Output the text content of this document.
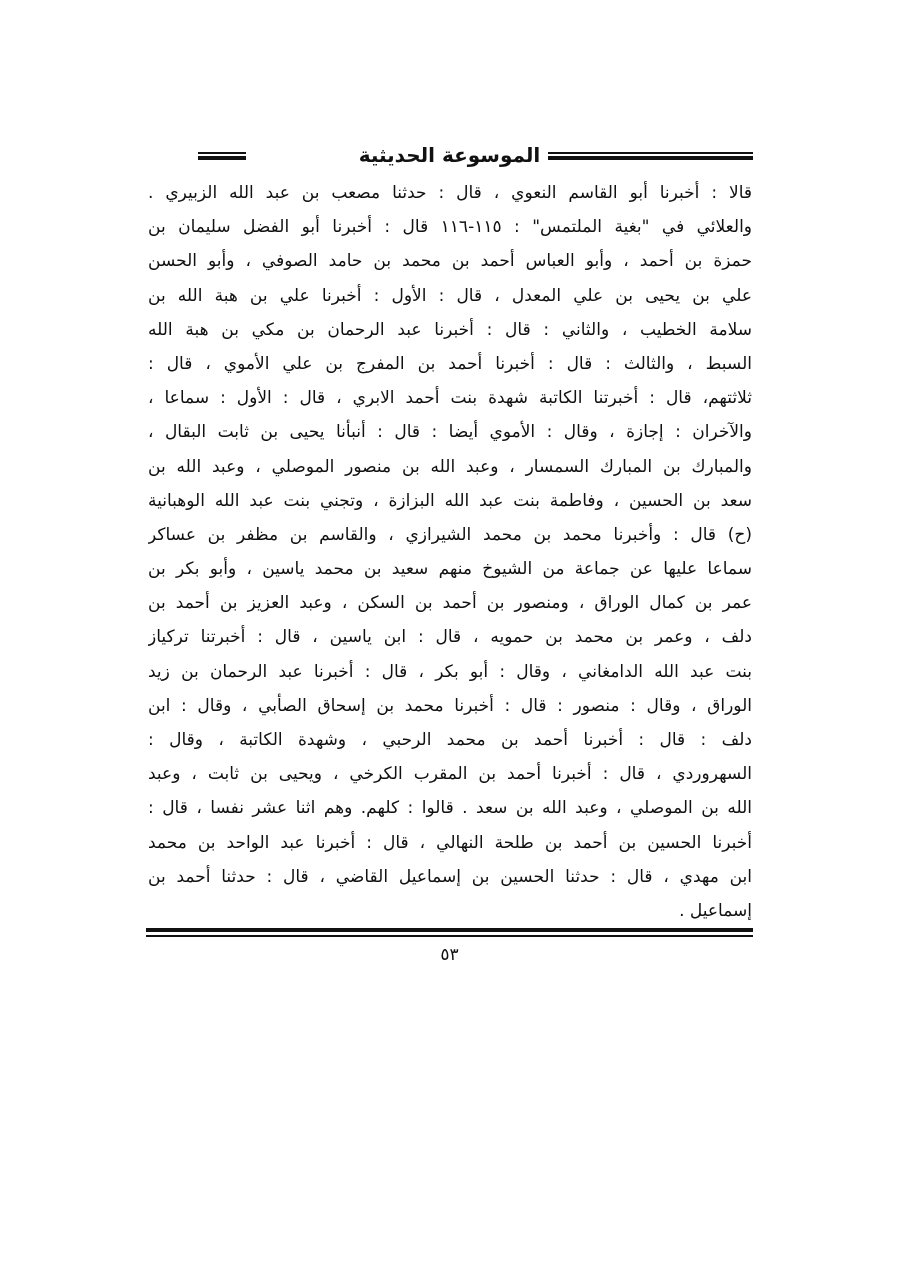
الموسوعة الحديثية
قالا : أخبرنا أبو القاسم النعوي ، قال : حدثنا مصعب بن عبد الله الزبيري .
والعلائي في "بغية الملتمس" : ١١٥-١١٦ قال : أخبرنا أبو الفضل سليمان بن
حمزة بن أحمد ، وأبو العباس أحمد بن محمد بن حامد الصوفي ، وأبو الحسن
علي بن يحيى بن علي المعدل ، قال : الأول : أخبرنا علي بن هبة الله بن
سلامة الخطيب ، والثاني : قال : أخبرنا عبد الرحمان بن مكي بن هبة الله
السبط ، والثالث : قال : أخبرنا أحمد بن المفرج بن علي الأموي ، قال :
ثلاثتهم، قال : أخبرتنا الكاتبة شهدة بنت أحمد الابري ، قال : الأول : سماعا ،
والآخران : إجازة ، وقال : الأموي أيضا : قال : أنبأنا يحيى بن ثابت البقال ،
والمبارك بن المبارك السمسار ، وعبد الله بن منصور الموصلي ، وعبد الله بن
سعد بن الحسين ، وفاطمة بنت عبد الله البزازة ، وتجني بنت عبد الله الوهبانية
(ح) قال : وأخبرنا محمد بن محمد الشيرازي ، والقاسم بن مظفر بن عساكر
سماعا عليها عن جماعة من الشيوخ منهم سعيد بن محمد ياسين ، وأبو بكر بن
عمر بن كمال الوراق ، ومنصور بن أحمد بن السكن ، وعبد العزيز بن أحمد بن
دلف ، وعمر بن محمد بن حمويه ، قال : ابن ياسين ، قال : أخبرتنا تركياز
بنت عبد الله الدامغاني ، وقال : أبو بكر ، قال : أخبرنا عبد الرحمان بن زيد
الوراق ، وقال : منصور : قال : أخبرنا محمد بن إسحاق الصأبي ، وقال : ابن
دلف : قال : أخبرنا أحمد بن محمد الرحبي ، وشهدة الكاتبة ، وقال :
السهروردي ، قال : أخبرنا أحمد بن المقرب الكرخي ، ويحيى بن ثابت ، وعبد
الله بن الموصلي ، وعبد الله بن سعد . قالوا : كلهم. وهم اثنا عشر نفسا ، قال :
أخبرنا الحسين بن أحمد بن طلحة النهالي ، قال : أخبرنا عبد الواحد بن محمد
ابن مهدي ، قال : حدثنا الحسين بن إسماعيل القاضي ، قال : حدثنا أحمد بن
إسماعيل .
٥٣
